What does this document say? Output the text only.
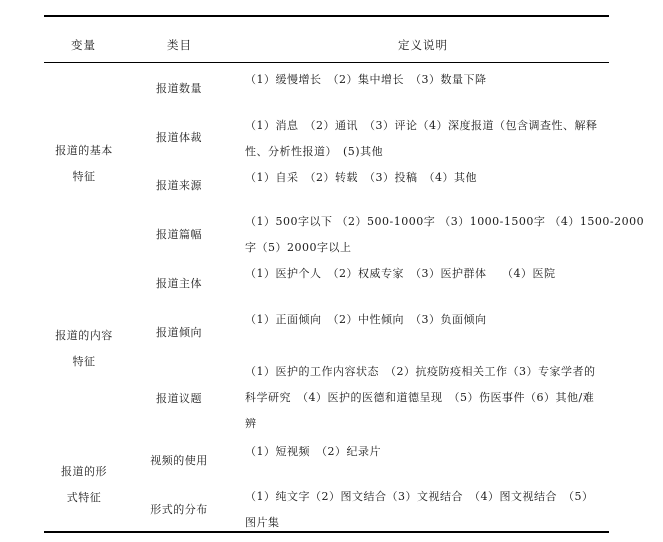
变量	类目	定义说明
报道的基本
特征
报道的内容
特征
报道的形
式特征
报道数量
报道体裁
报道来源
报道篇幅
报道主体
报道倾向
报道议题
视频的使用
形式的分布
（1）缓慢增长　（2）集中增长　（3）数量下降
（1）消息　（2）通讯　（3）评论（4）深度报道（包含调查性、解释
性、分析性报道）　(5)其他
（1）自采　（2）转载　（3）投稿　（4）其他
（1）500字以下 （2）500-1000字 （3）1000-1500字 （4）1500-2000
字（5）2000字以上
（1）医护个人　（2）权威专家　（3）医护群体　 （4）医院
（1）正面倾向　（2）中性倾向　（3）负面倾向
（1）医护的工作内容状态　（2）抗疫防疫相关工作（3）专家学者的
科学研究　（4）医护的医德和道德呈现　（5）伤医事件（6）其他/难
辨
（1）短视频　（2）纪录片
（1）纯文字（2）图文结合（3）文视结合　（4）图文视结合　（5）
图片集
